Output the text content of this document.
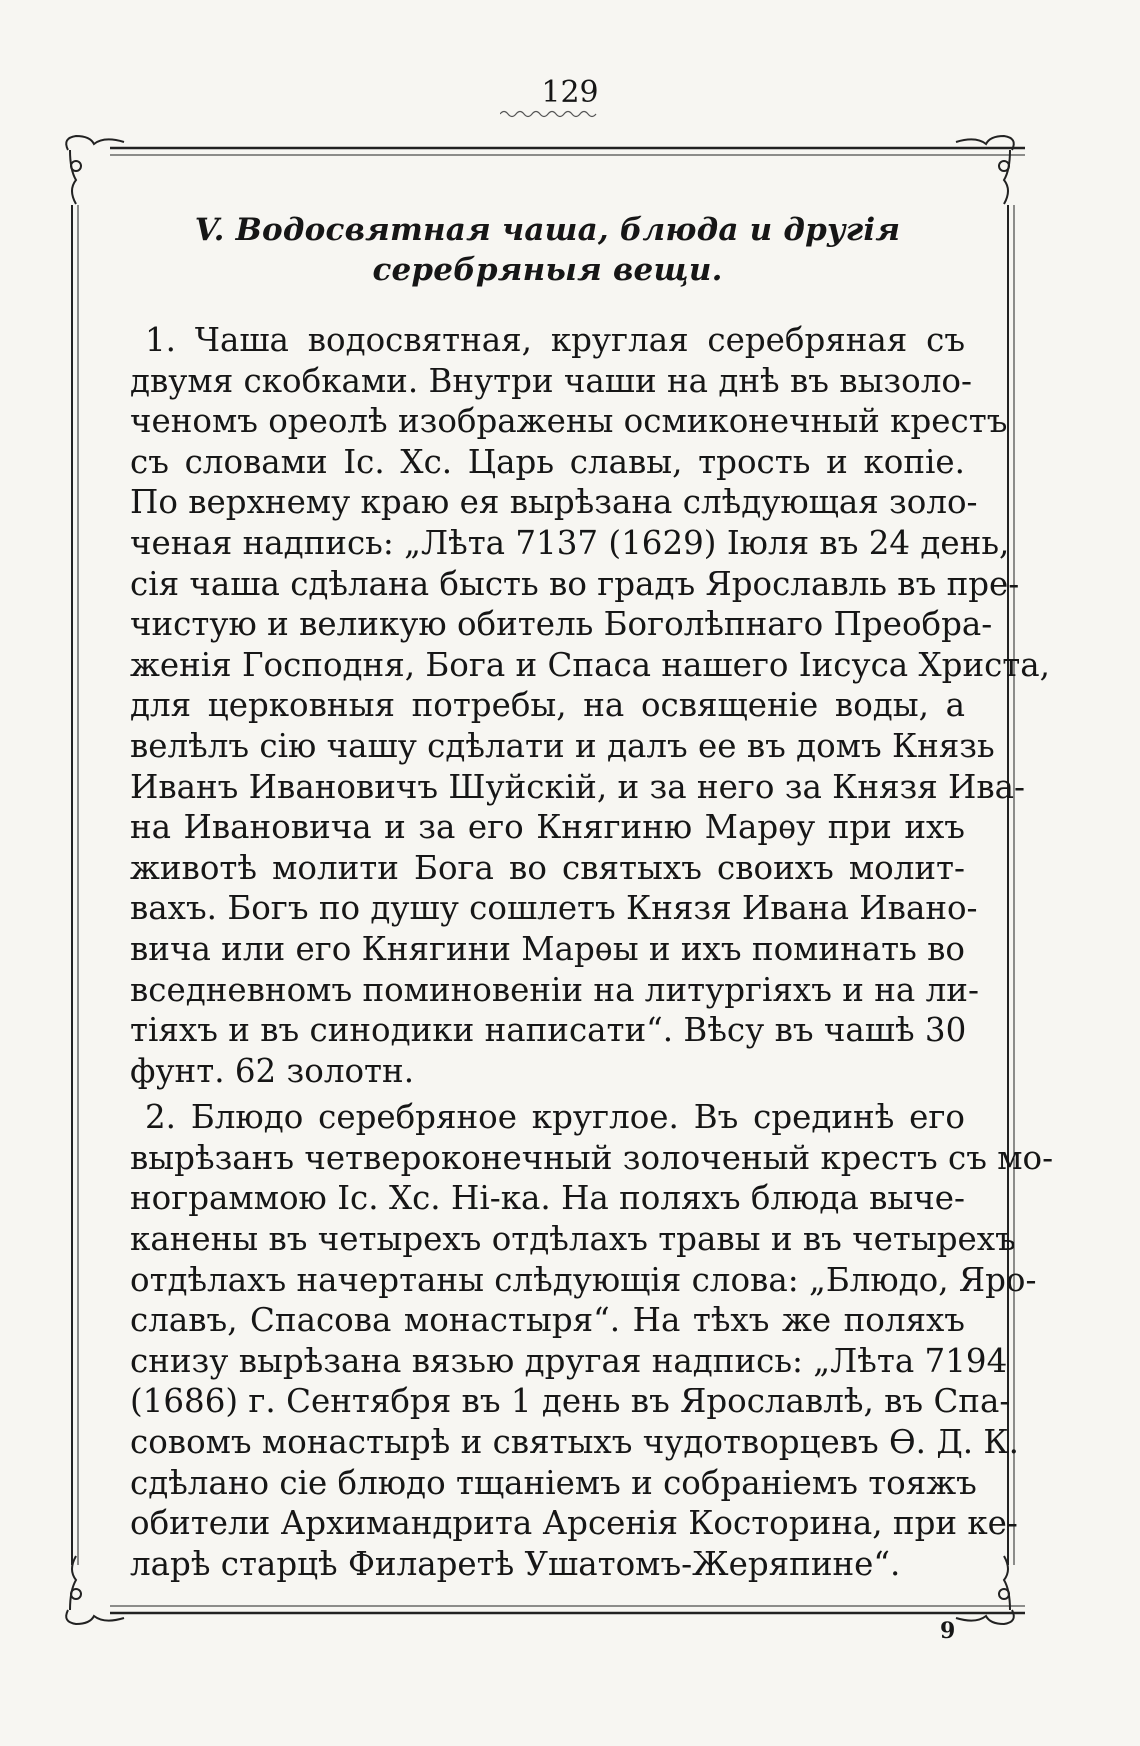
129
V. Водосвятная чаша, блюда и другія серебряныя вещи.
1. Чаша водосвятная, круглая серебряная съ
двумя скобками. Внутри чаши на днѣ въ вызоло-
ченомъ ореолѣ изображены осмиконечный крестъ
съ словами Іс. Хс. Царь славы, трость и копіе.
По верхнему краю ея вырѣзана слѣдующая золо-
ченая надпись: „Лѣта 7137 (1629) Іюля въ 24 день,
сія чаша сдѣлана бысть во градъ Ярославль въ пре-
чистую и великую обитель Боголѣпнаго Преобра-
женія Господня, Бога и Спаса нашего Іисуса Христа,
для церковныя потребы, на освященіе воды, а
велѣлъ сію чашу сдѣлати и далъ ее въ домъ Князь
Иванъ Ивановичъ Шуйскій, и за него за Князя Ива-
на Ивановича и за его Княгиню Марѳу при ихъ
животѣ молити Бога во святыхъ своихъ молит-
вахъ. Богъ по душу сошлетъ Князя Ивана Ивано-
вича или его Княгини Марѳы и ихъ поминать во
вседневномъ поминовеніи на литургіяхъ и на ли-
тіяхъ и въ синодики написати“. Вѣсу въ чашѣ 30
фунт. 62 золотн.
2. Блюдо серебряное круглое. Въ срединѣ его
вырѣзанъ четвероконечный золоченый крестъ съ мо-
нограммою Іс. Хс. Ні-ка. На поляхъ блюда выче-
канены въ четырехъ отдѣлахъ травы и въ четырехъ
отдѣлахъ начертаны слѣдующія слова: „Блюдо, Яро-
славъ, Спасова монастыря“. На тѣхъ же поляхъ
снизу вырѣзана вязью другая надпись: „Лѣта 7194
(1686) г. Сентября въ 1 день въ Ярославлѣ, въ Спа-
совомъ монастырѣ и святыхъ чудотворцевъ Ѳ. Д. К.
сдѣлано сіе блюдо тщаніемъ и собраніемъ тояжъ
обители Архимандрита Арсенія Косторина, при ке-
ларѣ старцѣ Филаретѣ Ушатомъ-Жеряпине“.
9
